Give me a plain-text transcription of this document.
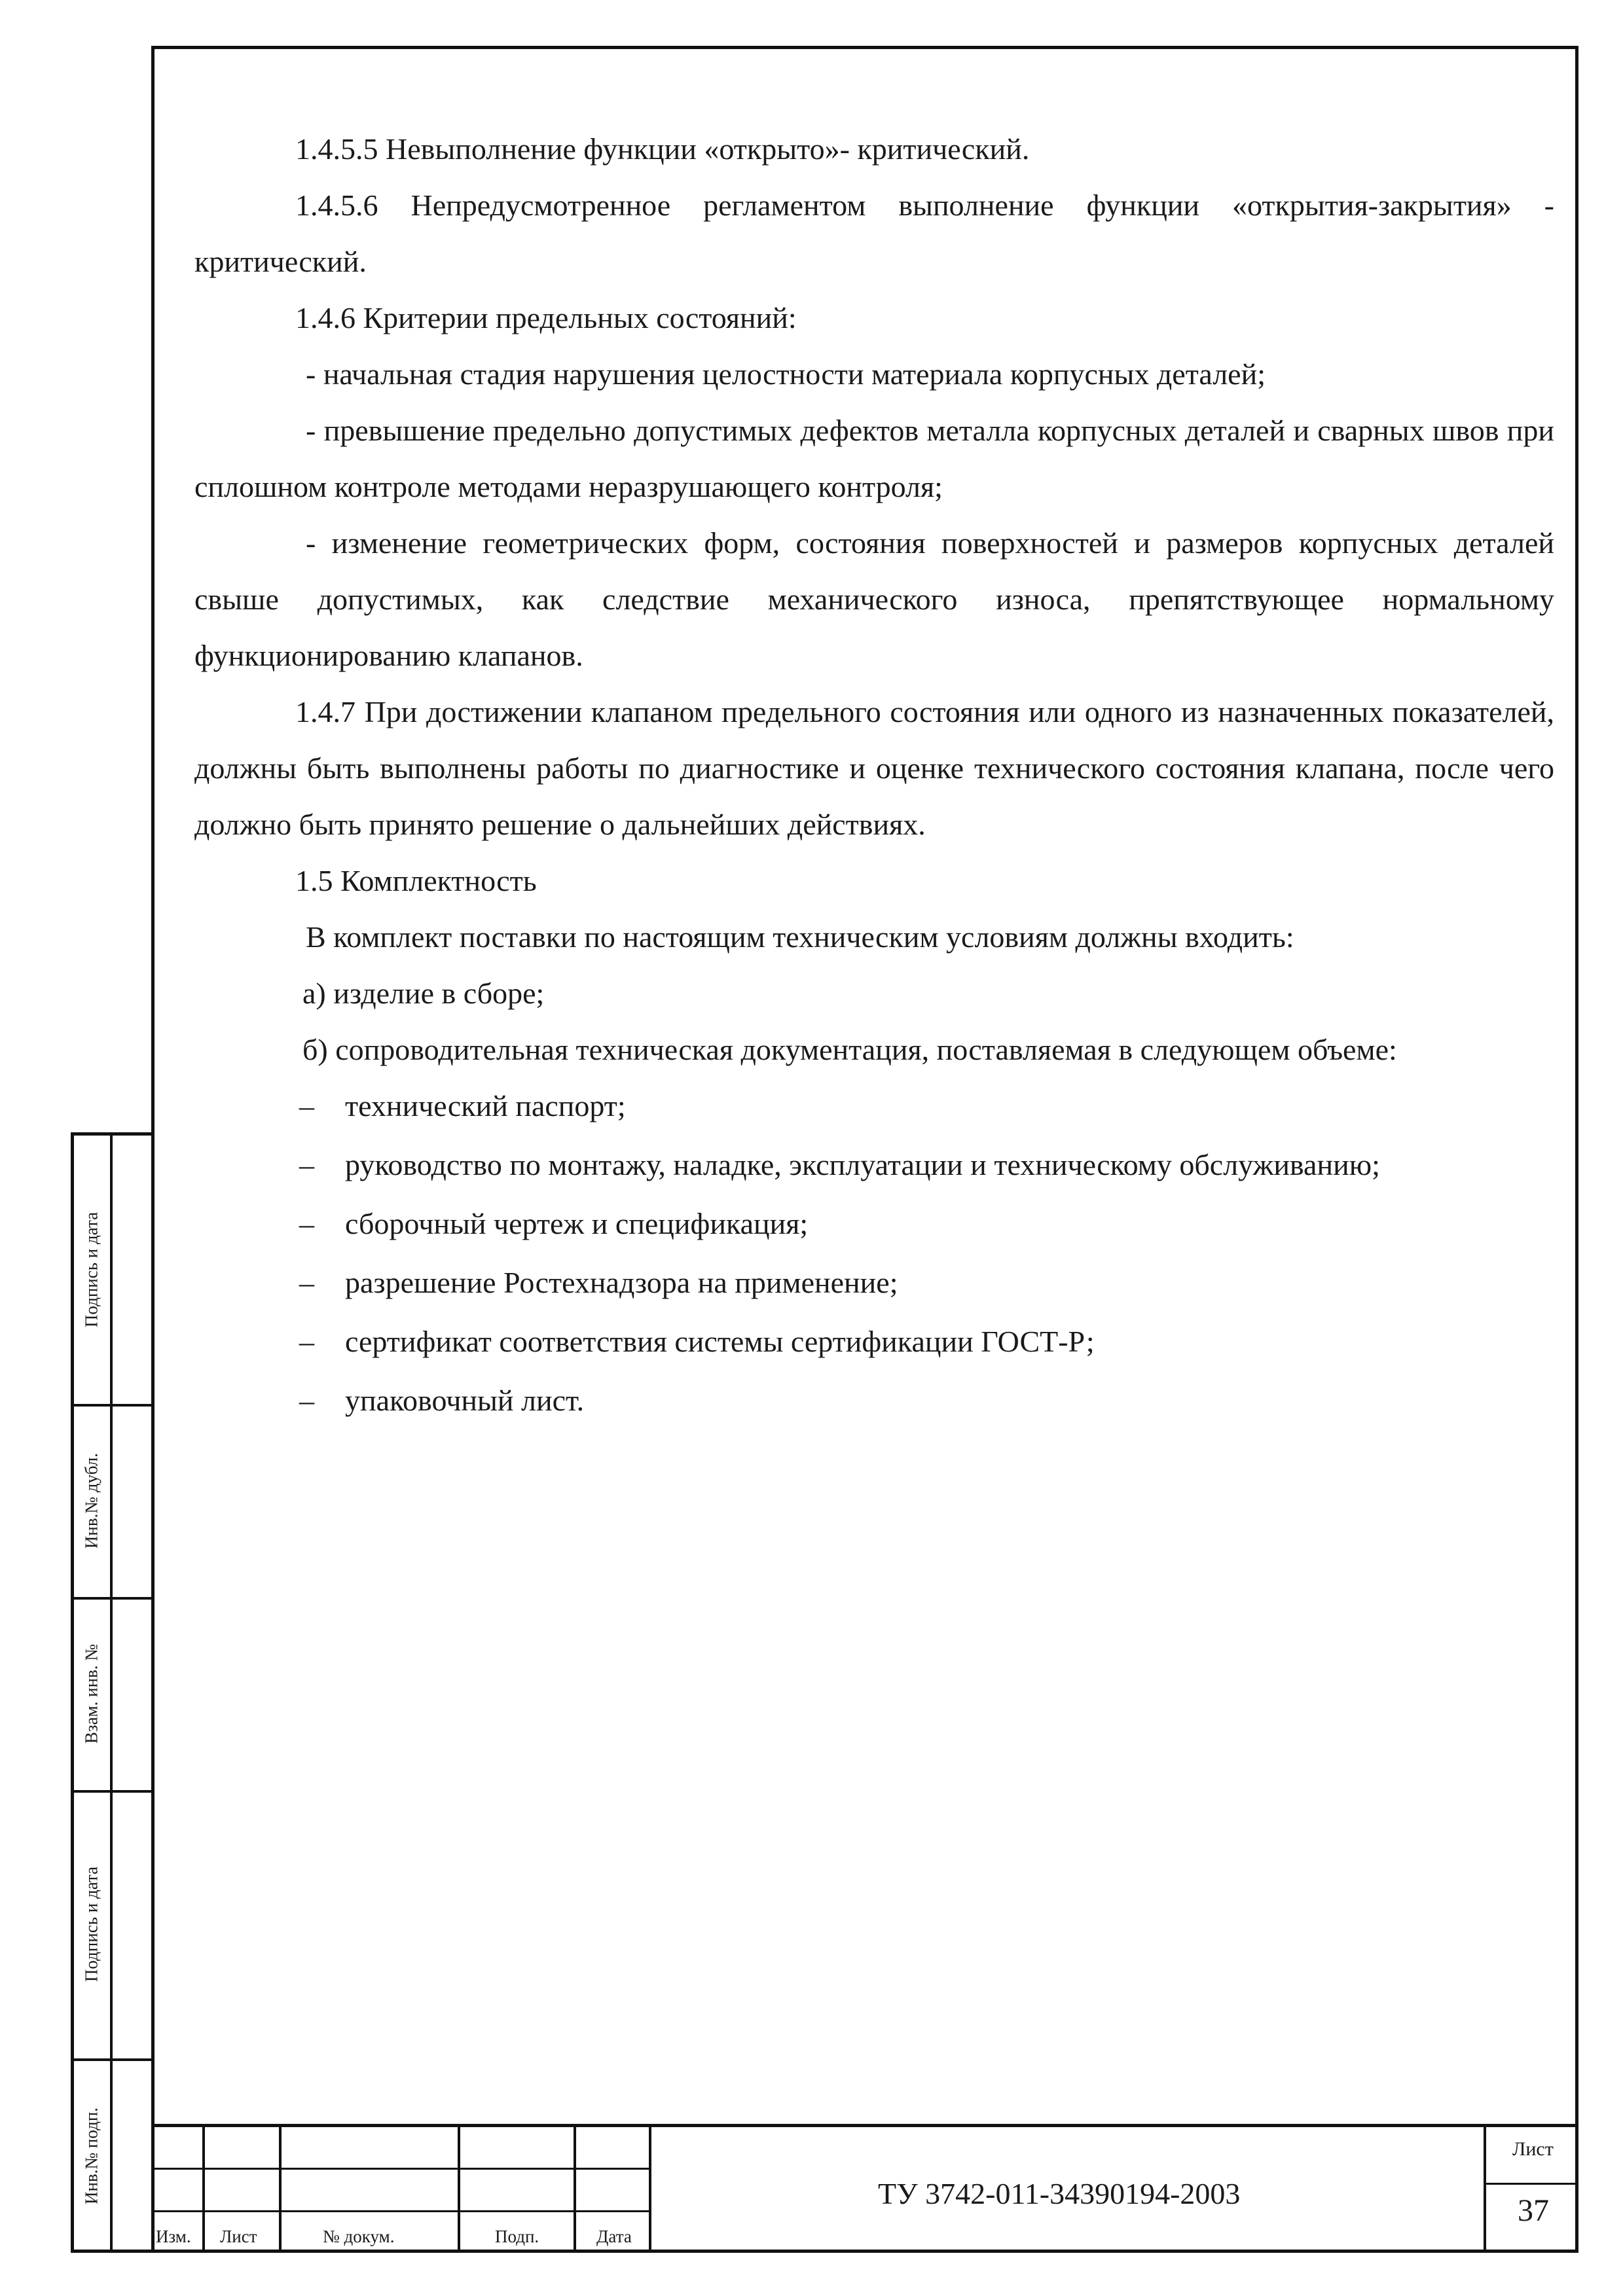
1.4.5.5 Невыполнение функции «открыто»- критический.

1.4.5.6 Непредусмотренное регламентом выполнение функции «открытия-закрытия» - критический.

1.4.6 Критерии предельных состояний:

- начальная стадия нарушения целостности материала корпусных деталей;

- превышение предельно допустимых дефектов металла корпусных деталей и сварных швов при сплошном контроле методами неразрушающего контроля;

- изменение геометрических форм, состояния поверхностей и размеров корпусных деталей свыше допустимых, как следствие механического износа, препятствующее нормальному функционированию клапанов.

1.4.7 При достижении клапаном предельного состояния или одного из назначенных показателей, должны быть выполнены работы по диагностике и оценке технического состояния клапана, после чего должно быть принято решение о дальнейших действиях.

1.5 Комплектность

В комплект поставки по настоящим техническим условиям должны входить:

а) изделие в сборе;

б) сопроводительная техническая документация, поставляемая в следующем объеме:

– технический паспорт;

– руководство по монтажу, наладке, эксплуатации и техническому обслуживанию;

– сборочный чертеж и спецификация;

– разрешение Ростехнадзора на применение;

– сертификат соответствия системы сертификации ГОСТ-Р;

– упаковочный лист.

Подпись и дата
Инв.№ дубл.
Взам. инв. №
Подпись и дата
Инв.№ подп.
Изм. Лист	№ докум.	Подп.	Дата
ТУ 3742-011-34390194-2003
Лист
37
